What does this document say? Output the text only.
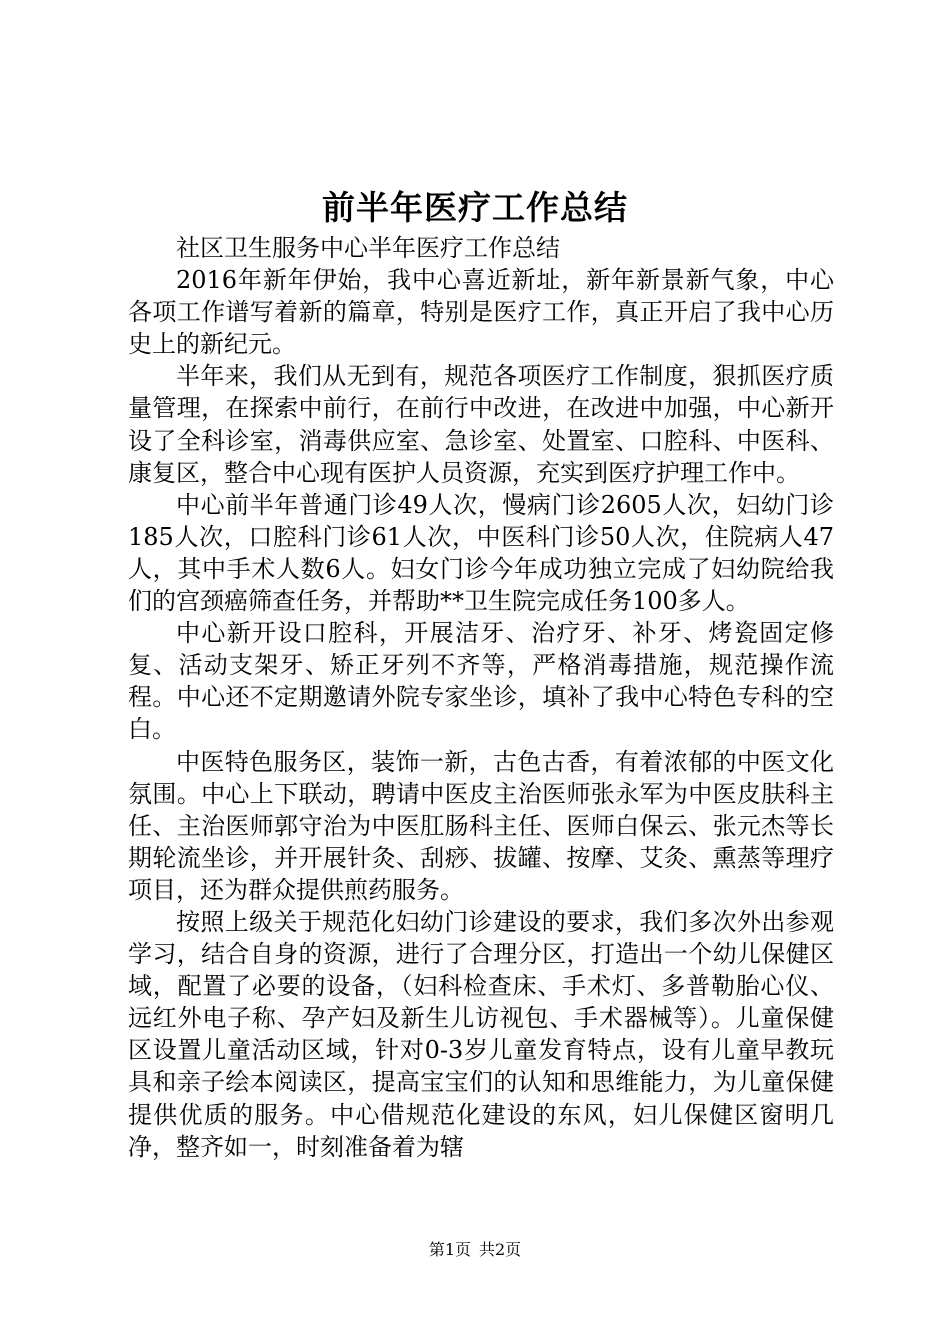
前半年医疗工作总结

社区卫生服务中心半年医疗工作总结

2016年新年伊始，我中心喜近新址，新年新景新气象，中心各项工作谱写着新的篇章，特别是医疗工作，真正开启了我中心历史上的新纪元。

半年来，我们从无到有，规范各项医疗工作制度，狠抓医疗质量管理，在探索中前行，在前行中改进，在改进中加强，中心新开设了全科诊室，消毒供应室、急诊室、处置室、口腔科、中医科、康复区，整合中心现有医护人员资源，充实到医疗护理工作中。

中心前半年普通门诊49人次，慢病门诊2605人次，妇幼门诊185人次，口腔科门诊61人次，中医科门诊50人次，住院病人47人，其中手术人数6人。妇女门诊今年成功独立完成了妇幼院给我们的宫颈癌筛查任务，并帮助**卫生院完成任务100多人。

中心新开设口腔科，开展洁牙、治疗牙、补牙、烤瓷固定修复、活动支架牙、矫正牙列不齐等，严格消毒措施，规范操作流程。中心还不定期邀请外院专家坐诊，填补了我中心特色专科的空白。

中医特色服务区，装饰一新，古色古香，有着浓郁的中医文化氛围。中心上下联动，聘请中医皮主治医师张永军为中医皮肤科主任、主治医师郭守治为中医肛肠科主任、医师白保云、张元杰等长期轮流坐诊，并开展针灸、刮痧、拔罐、按摩、艾灸、熏蒸等理疗项目，还为群众提供煎药服务。

按照上级关于规范化妇幼门诊建设的要求，我们多次外出参观学习，结合自身的资源，进行了合理分区，打造出一个幼儿保健区域，配置了必要的设备，（妇科检查床、手术灯、多普勒胎心仪、远红外电子称、孕产妇及新生儿访视包、手术器械等）。儿童保健区设置儿童活动区域，针对0-3岁儿童发育特点，设有儿童早教玩具和亲子绘本阅读区，提高宝宝们的认知和思维能力，为儿童保健提供优质的服务。中心借规范化建设的东风，妇儿保健区窗明几净，整齐如一，时刻准备着为辖

第1页 共2页
